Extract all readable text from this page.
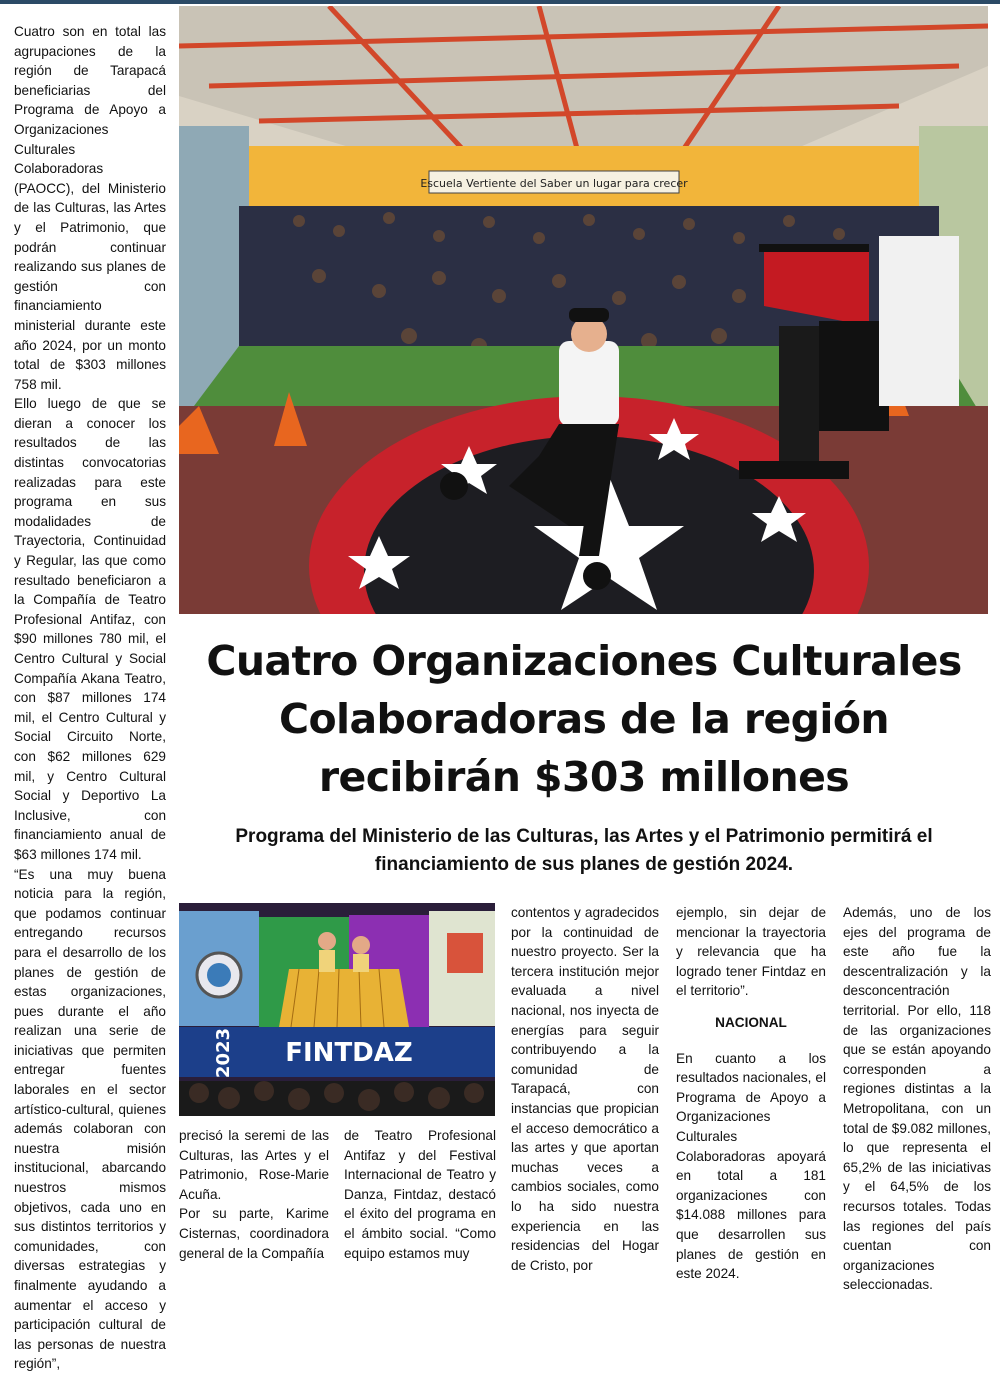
Cuatro son en total las agrupaciones de la región de Tarapacá beneficiarias del Programa de Apoyo a Organizaciones Culturales Colaboradoras (PAOCC), del Ministerio de las Culturas, las Artes y el Patrimonio, que podrán continuar realizando sus planes de gestión con financiamiento ministerial durante este año 2024, por un monto total de $303 millones 758 mil.

Ello luego de que se dieran a conocer los resultados de las distintas convocatorias realizadas para este programa en sus modalidades de Trayectoria, Continuidad y Regular, las que como resultado beneficiaron a la Compañía de Teatro Profesional Antifaz, con $90 millones 780 mil, el Centro Cultural y Social Compañía Akana Teatro, con $87 millones 174 mil, el Centro Cultural y Social Circuito Norte, con $62 millones 629 mil, y Centro Cultural Social y Deportivo La Inclusive, con financiamiento anual de $63 millones 174 mil.

“Es una muy buena noticia para la región, que podamos continuar entregando recursos para el desarrollo de los planes de gestión de estas organizaciones, pues durante el año realizan una serie de iniciativas que permiten entregar fuentes laborales en el sector artístico-cultural, quienes además colaboran con nuestra misión institucional, abarcando nuestros mismos objetivos, cada uno en sus distintos territorios y comunidades, con diversas estrategias y finalmente ayudando a aumentar el acceso y participación cultural de las personas de nuestra región”,

Escuela Vertiente del Saber un lugar para crecer
Cuatro Organizaciones Culturales Colaboradoras de la región recibirán $303 millones
Programa del Ministerio de las Culturas, las Artes y el Patrimonio permitirá el financiamiento de sus planes de gestión 2024.
FINTDAZ
2023

precisó la seremi de las Culturas, las Artes y el Patrimonio, Rose-Marie Acuña.

Por su parte, Karime Cisternas, coordinadora general de la Compañía

de Teatro Profesional Antifaz y del Festival Internacional de Teatro y Danza, Fintdaz, destacó el éxito del programa en el ámbito social. “Como equipo estamos muy

contentos y agradecidos por la continuidad de nuestro proyecto. Ser la tercera institución mejor evaluada a nivel nacional, nos inyecta de energías para seguir contribuyendo a la comunidad de Tarapacá, con instancias que propician el acceso democrático a las artes y que aportan muchas veces a cambios sociales, como lo ha sido nuestra experiencia en las residencias del Hogar de Cristo, por

ejemplo, sin dejar de mencionar la trayectoria y relevancia que ha logrado tener Fintdaz en el territorio”.

NACIONAL

En cuanto a los resultados nacionales, el Programa de Apoyo a Organizaciones Culturales Colaboradoras apoyará en total a 181 organizaciones con $14.088 millones para que desarrollen sus planes de gestión en este 2024.

Además, uno de los ejes del programa de este año fue la descentralización y la desconcentración territorial. Por ello, 118 de las organizaciones que se están apoyando corresponden a regiones distintas a la Metropolitana, con un total de $9.082 millones, lo que representa el 65,2% de las iniciativas y el 64,5% de los recursos totales. Todas las regiones del país cuentan con organizaciones seleccionadas.
